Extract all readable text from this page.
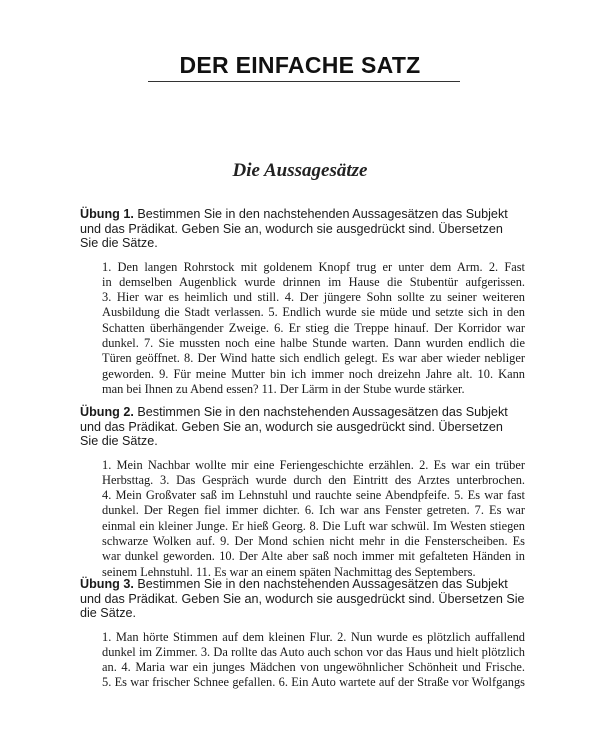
DER EINFACHE SATZ
Die Aussagesätze

Übung 1. Bestimmen Sie in den nachstehenden Aussagesätzen das Subjekt
und das Prädikat. Geben Sie an, wodurch sie ausgedrückt sind. Übersetzen
Sie die Sätze.

1. Den langen Rohrstock mit goldenem Knopf trug er unter dem Arm. 2. Fast
in demselben Augenblick wurde drinnen im Hause die Stubentür aufgerissen.
3. Hier war es heimlich und still. 4. Der jüngere Sohn sollte zu seiner weiteren
Ausbildung die Stadt verlassen. 5. Endlich wurde sie müde und setzte sich in den
Schatten überhängender Zweige. 6. Er stieg die Treppe hinauf. Der Korridor war
dunkel. 7. Sie mussten noch eine halbe Stunde warten. Dann wurden endlich die
Türen geöffnet. 8. Der Wind hatte sich endlich gelegt. Es war aber wieder nebliger
geworden. 9. Für meine Mutter bin ich immer noch dreizehn Jahre alt. 10. Kann
man bei Ihnen zu Abend essen? 11. Der Lärm in der Stube wurde stärker.

Übung 2. Bestimmen Sie in den nachstehenden Aussagesätzen das Subjekt
und das Prädikat. Geben Sie an, wodurch sie ausgedrückt sind. Übersetzen
Sie die Sätze.

1. Mein Nachbar wollte mir eine Feriengeschichte erzählen. 2. Es war ein trüber
Herbsttag. 3. Das Gespräch wurde durch den Eintritt des Arztes unterbrochen.
4. Mein Großvater saß im Lehnstuhl und rauchte seine Abendpfeife. 5. Es war fast
dunkel. Der Regen fiel immer dichter. 6. Ich war ans Fenster getreten. 7. Es war
einmal ein kleiner Junge. Er hieß Georg. 8. Die Luft war schwül. Im Westen stiegen
schwarze Wolken auf. 9. Der Mond schien nicht mehr in die Fensterscheiben. Es
war dunkel geworden. 10. Der Alte aber saß noch immer mit gefalteten Händen in
seinem Lehnstuhl. 11. Es war an einem späten Nachmittag des Septembers.

Übung 3. Bestimmen Sie in den nachstehenden Aussagesätzen das Subjekt
und das Prädikat. Geben Sie an, wodurch sie ausgedrückt sind. Übersetzen Sie
die Sätze.

1. Man hörte Stimmen auf dem kleinen Flur. 2. Nun wurde es plötzlich auffallend
dunkel im Zimmer. 3. Da rollte das Auto auch schon vor das Haus und hielt plötzlich
an. 4. Maria war ein junges Mädchen von ungewöhnlicher Schönheit und Frische.
5. Es war frischer Schnee gefallen. 6. Ein Auto wartete auf der Straße vor Wolfgangs
